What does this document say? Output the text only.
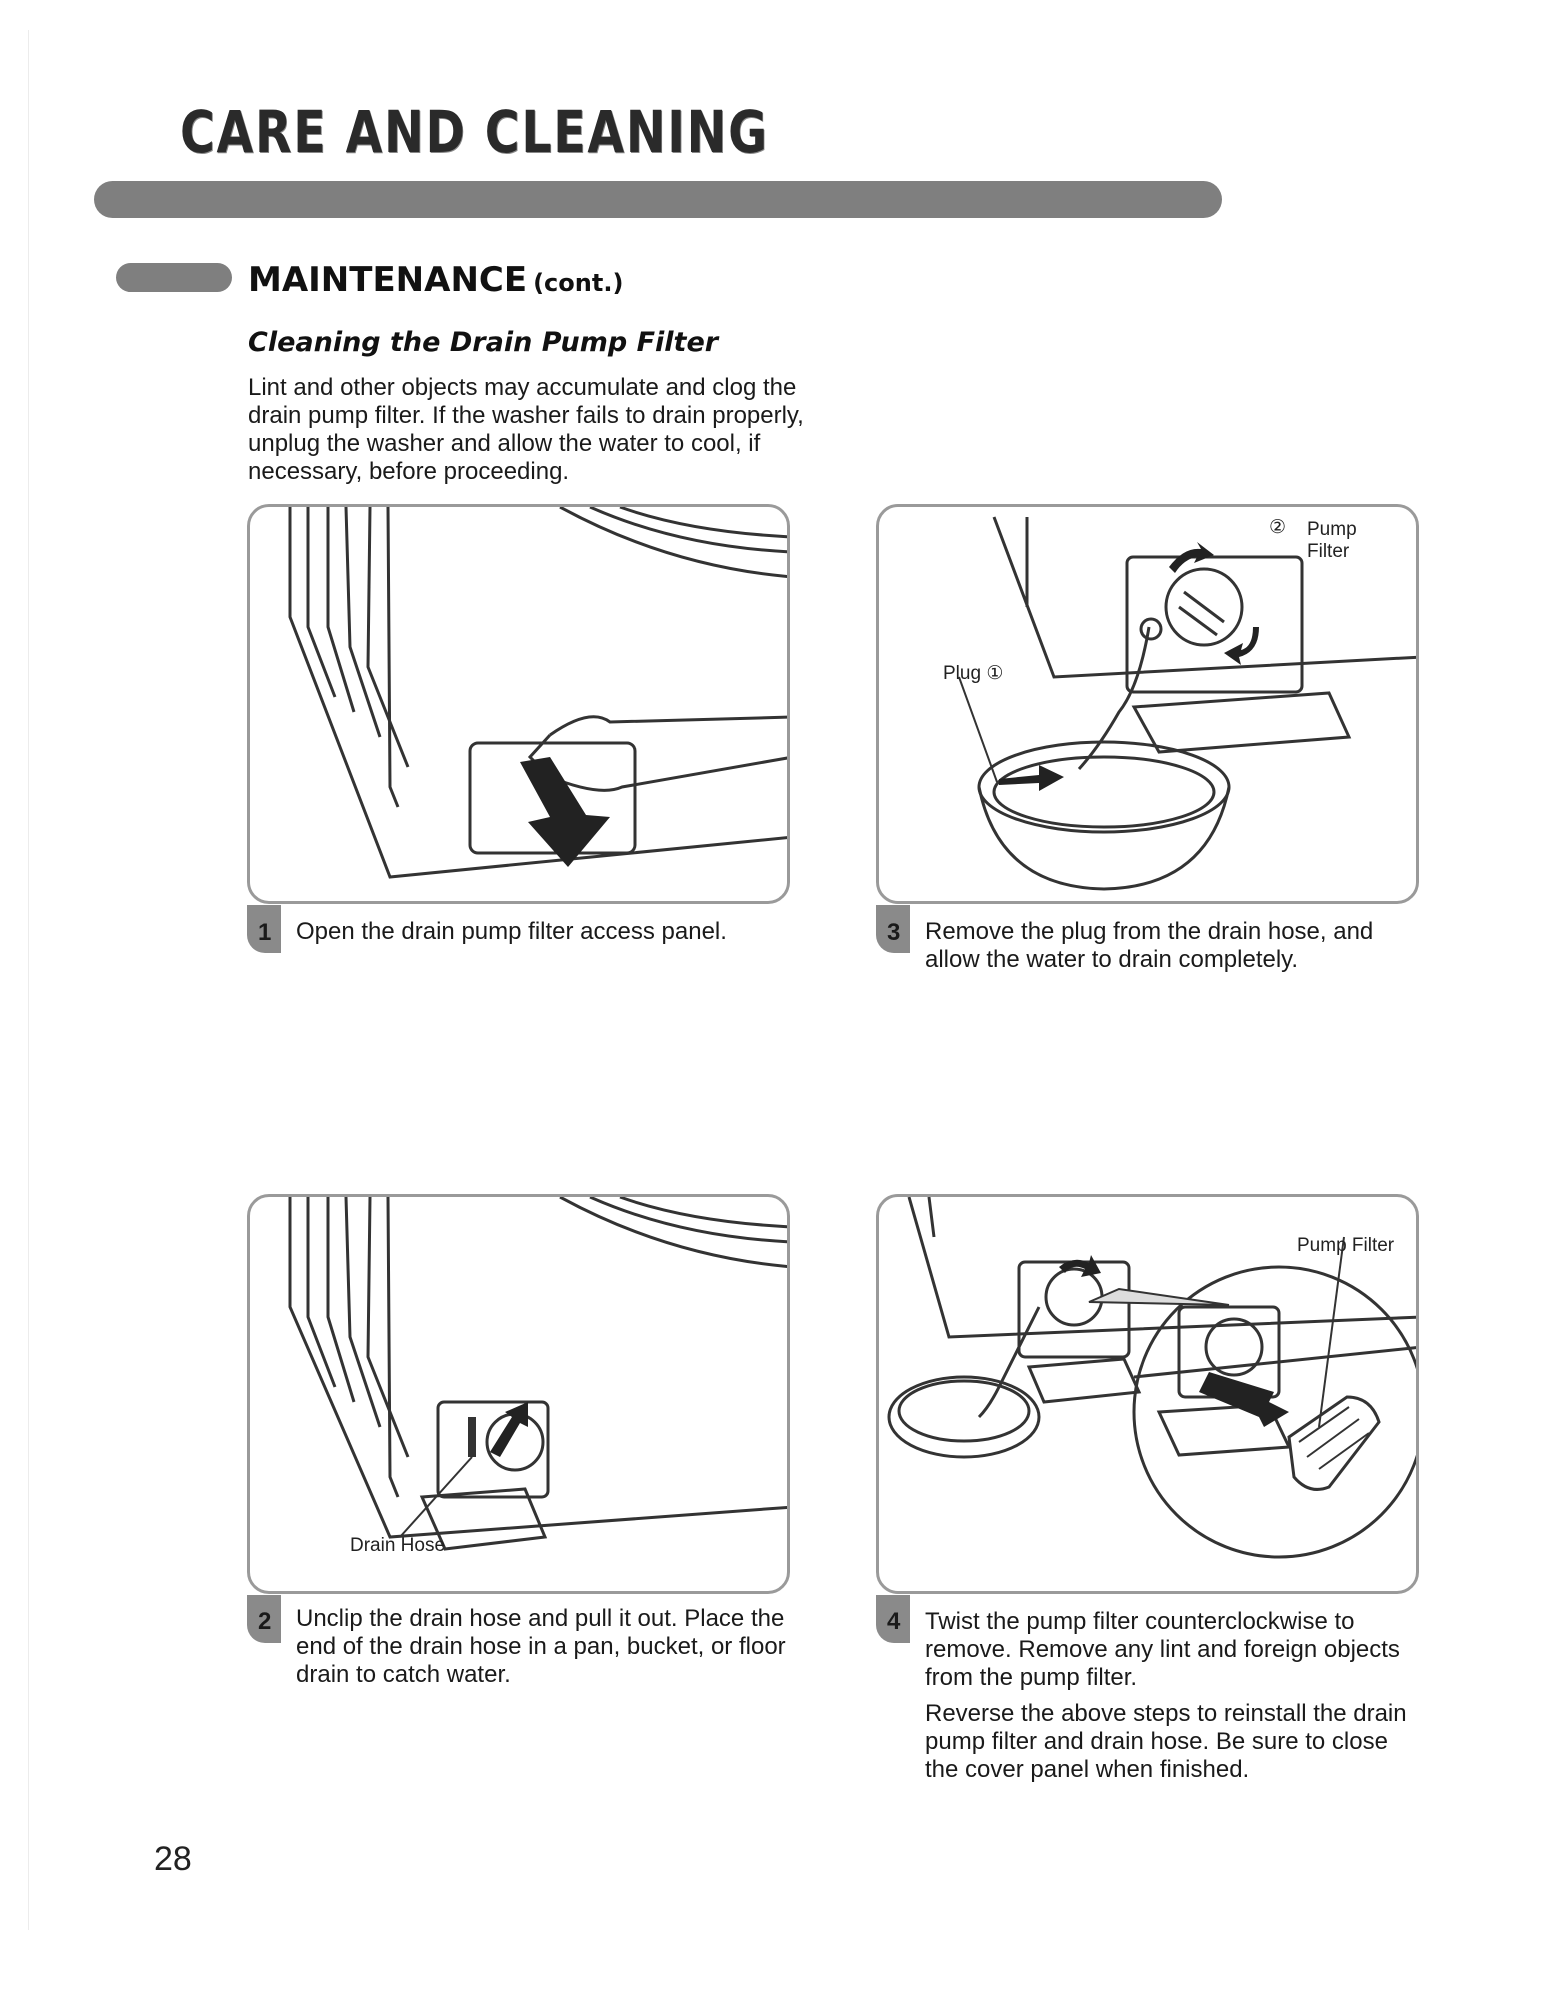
CARE AND CLEANING
MAINTENANCE (cont.)
Cleaning the Drain Pump Filter
Lint and other objects may accumulate and clog the drain pump filter. If the washer fails to drain properly, unplug the washer and allow the water to cool, if necessary, before proceeding.
② Pump
Filter
Plug ①
1 Open the drain pump filter access panel.	3 Remove the plug from the drain hose, and allow the water to drain completely.
Drain Hose
Pump Filter
2 Unclip the drain hose and pull it out. Place the end of the drain hose in a pan, bucket, or floor drain to catch water.
4 Twist the pump filter counterclockwise to remove. Remove any lint and foreign objects from the pump filter.

Reverse the above steps to reinstall the drain pump filter and drain hose. Be sure to close the cover panel when finished.

28
